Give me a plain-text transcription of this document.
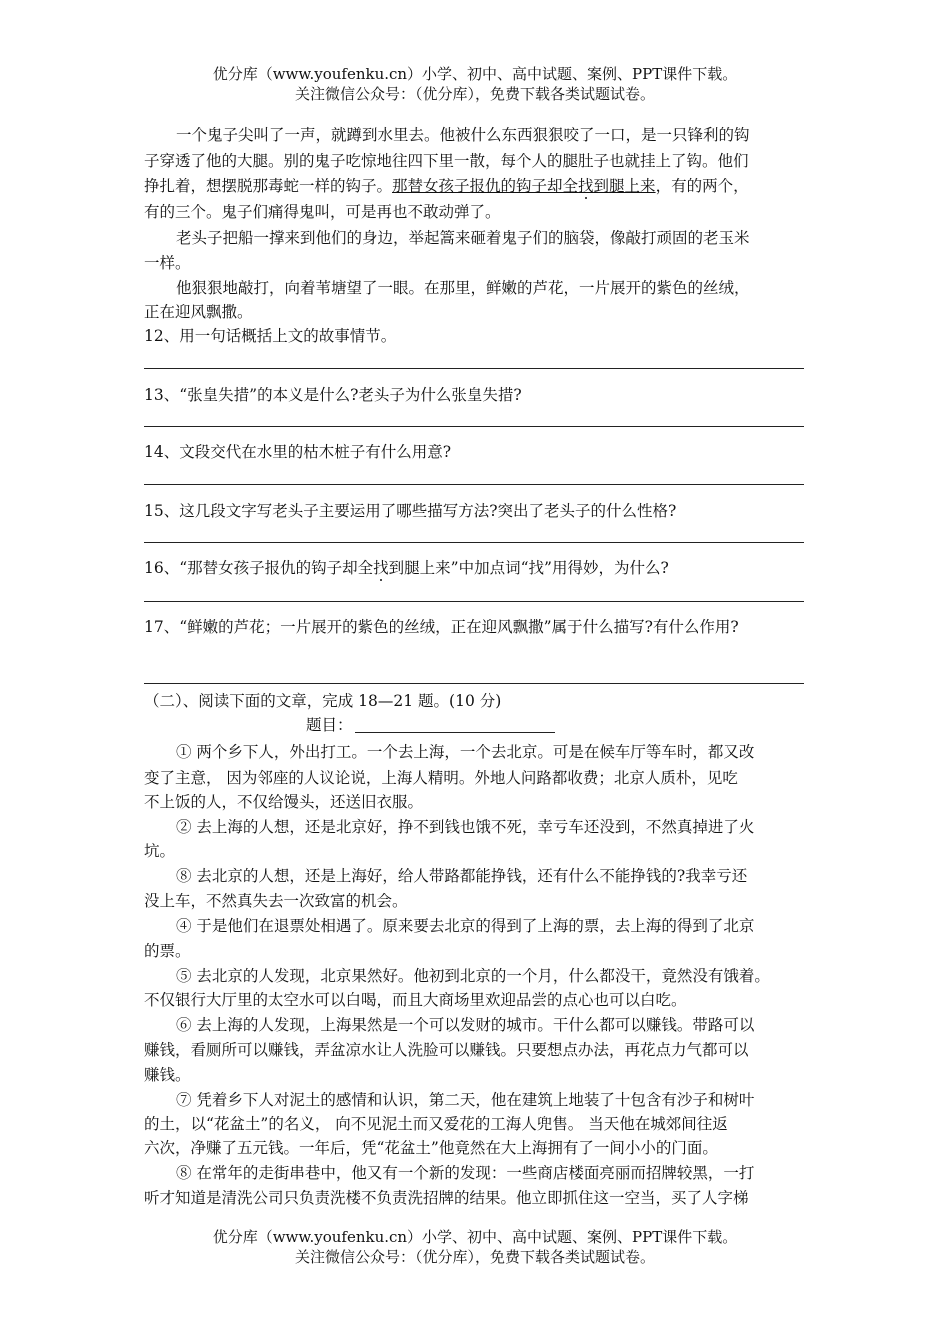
优分库（www.youfenku.cn）小学、初中、高中试题、案例、PPT课件下载。
关注微信公众号：（优分库），免费下载各类试题试卷。
一个鬼子尖叫了一声，就蹲到水里去。他被什么东西狠狠咬了一口，是一只锋利的钩
子穿透了他的大腿。别的鬼子吃惊地往四下里一散，每个人的腿肚子也就挂上了钩。他们
挣扎着，想摆脱那毒蛇一样的钩子。那替女孩子报仇的钩子却全找到腿上来，有的两个，
有的三个。鬼子们痛得鬼叫，可是再也不敢动弹了。
老头子把船一撑来到他们的身边，举起篙来砸着鬼子们的脑袋，像敲打顽固的老玉米
一样。
他狠狠地敲打，向着苇塘望了一眼。在那里，鲜嫩的芦花，一片展开的紫色的丝绒，
正在迎风飘撒。
12、用一句话概括上文的故事情节。
13、“张皇失措”的本义是什么?老头子为什么张皇失措?
14、文段交代在水里的枯木桩子有什么用意?
15、这几段文字写老头子主要运用了哪些描写方法?突出了老头子的什么性格?
16、“那替女孩子报仇的钩子却全找到腿上来”中加点词“找”用得妙，为什么?
17、“鲜嫩的芦花；一片展开的紫色的丝绒，正在迎风飘撒”属于什么描写?有什么作用?
（二）、阅读下面的文章，完成 18—21 题。(10 分)
题目：
① 两个乡下人，外出打工。一个去上海，一个去北京。可是在候车厅等车时，都又改
变了主意， 因为邻座的人议论说，上海人精明。外地人问路都收费；北京人质朴，见吃
不上饭的人，不仅给馒头，还送旧衣服。
② 去上海的人想，还是北京好，挣不到钱也饿不死，幸亏车还没到，不然真掉进了火
坑。
⑧ 去北京的人想，还是上海好，给人带路都能挣钱，还有什么不能挣钱的?我幸亏还
没上车，不然真失去一次致富的机会。
④ 于是他们在退票处相遇了。原来要去北京的得到了上海的票，去上海的得到了北京
的票。
⑤ 去北京的人发现，北京果然好。他初到北京的一个月，什么都没干，竟然没有饿着。
不仅银行大厅里的太空水可以白喝，而且大商场里欢迎品尝的点心也可以白吃。
⑥ 去上海的人发现，上海果然是一个可以发财的城市。干什么都可以赚钱。带路可以
赚钱，看厕所可以赚钱，弄盆凉水让人洗脸可以赚钱。只要想点办法，再花点力气都可以
赚钱。
⑦ 凭着乡下人对泥土的感情和认识，第二天，他在建筑上地装了十包含有沙子和树叶
的土，以“花盆土”的名义， 向不见泥土而又爱花的工海人兜售。 当天他在城郊间往返
六次，净赚了五元钱。一年后，凭“花盆土”他竟然在大上海拥有了一间小小的门面。
⑧ 在常年的走街串巷中，他又有一个新的发现：一些商店楼面亮丽而招牌较黑，一打
听才知道是清洗公司只负责洗楼不负责洗招牌的结果。他立即抓住这一空当，买了人字梯
优分库（www.youfenku.cn）小学、初中、高中试题、案例、PPT课件下载。
关注微信公众号：（优分库），免费下载各类试题试卷。
